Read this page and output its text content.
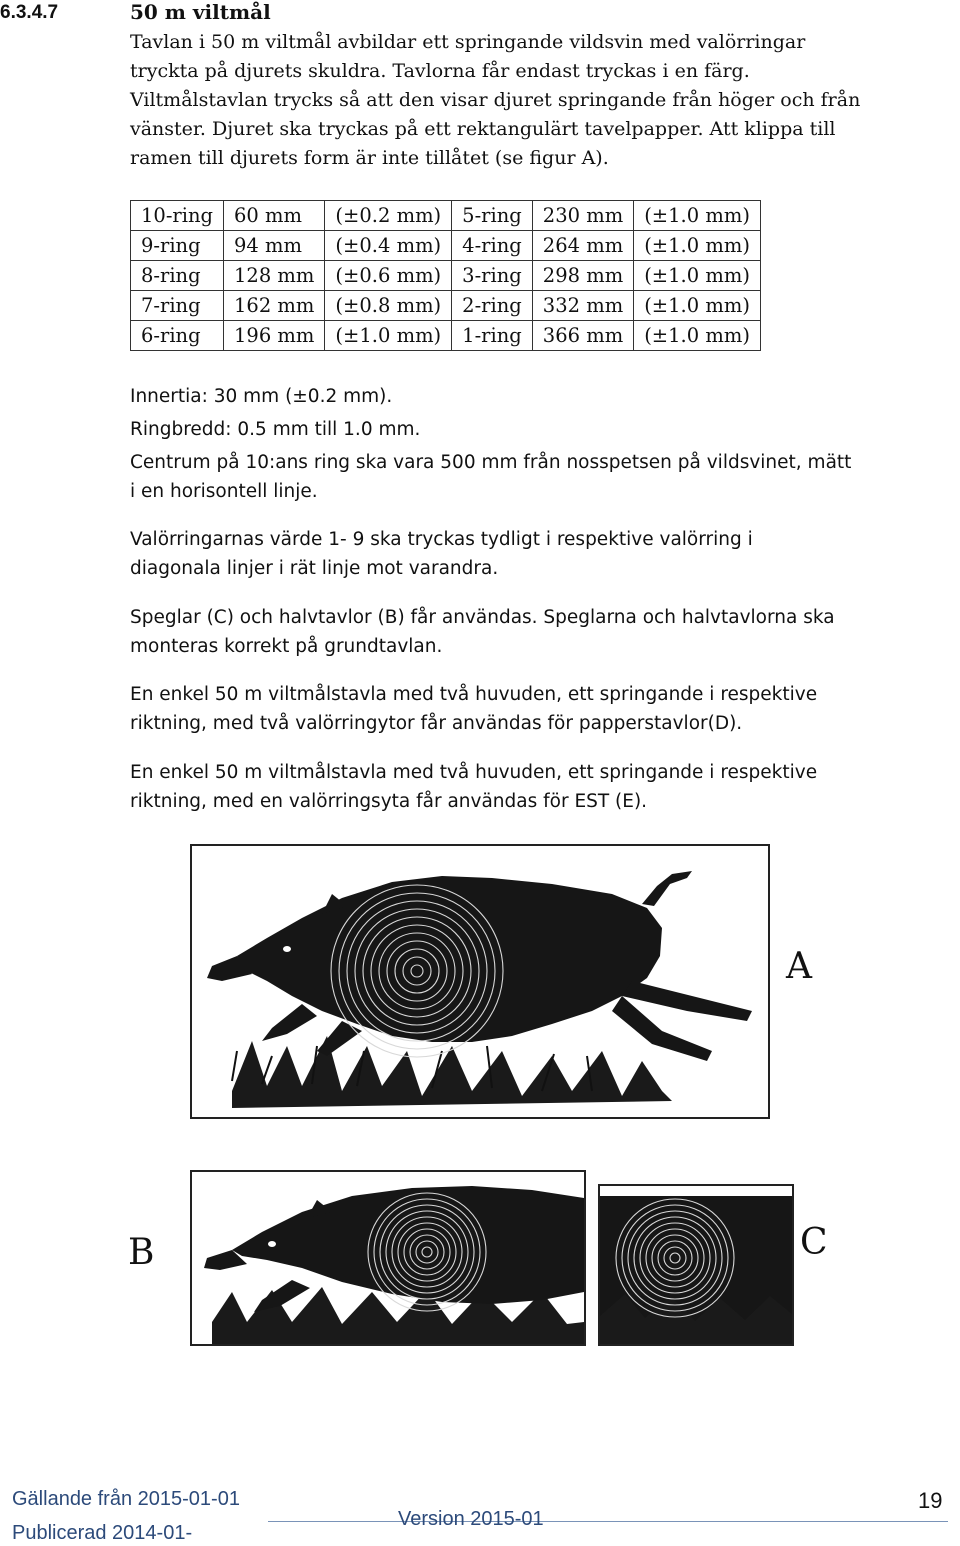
6.3.4.7	50 m viltmål
Tavlan i 50 m viltmål avbildar ett springande vildsvin med valörringar
tryckta på djurets skuldra. Tavlorna får endast tryckas i en färg.
Viltmålstavlan trycks så att den visar djuret springande från höger och från
vänster. Djuret ska tryckas på ett rektangulärt tavelpapper. Att klippa till
ramen till djurets form är inte tillåtet (se figur A).
10-ring	60 mm	(±0.2 mm)	5-ring	230 mm	(±1.0 mm)
9-ring	94 mm	(±0.4 mm)	4-ring	264 mm	(±1.0 mm)
8-ring	128 mm	(±0.6 mm)	3-ring	298 mm	(±1.0 mm)
7-ring	162 mm	(±0.8 mm)	2-ring	332 mm	(±1.0 mm)
6-ring	196 mm	(±1.0 mm)	1-ring	366 mm	(±1.0 mm)
Innertia: 30 mm (±0.2 mm).
Ringbredd: 0.5 mm till 1.0 mm.
Centrum på 10:ans ring ska vara 500 mm från nosspetsen på vildsvinet, mätt
i en horisontell linje.
Valörringarnas värde 1- 9 ska tryckas tydligt i respektive valörring i
diagonala linjer i rät linje mot varandra.
Speglar (C) och halvtavlor (B) får användas. Speglarna och halvtavlorna ska
monteras korrekt på grundtavlan.
En enkel 50 m viltmålstavla med två huvuden, ett springande i respektive
riktning, med två valörringytor får användas för papperstavlor(D).
En enkel 50 m viltmålstavla med två huvuden, ett springande i respektive
riktning, med en valörringsyta får användas för EST (E).
A
B	C
Gällande från 2015-01-01
Version 2015-01
Publicerad 2014-01-
19
